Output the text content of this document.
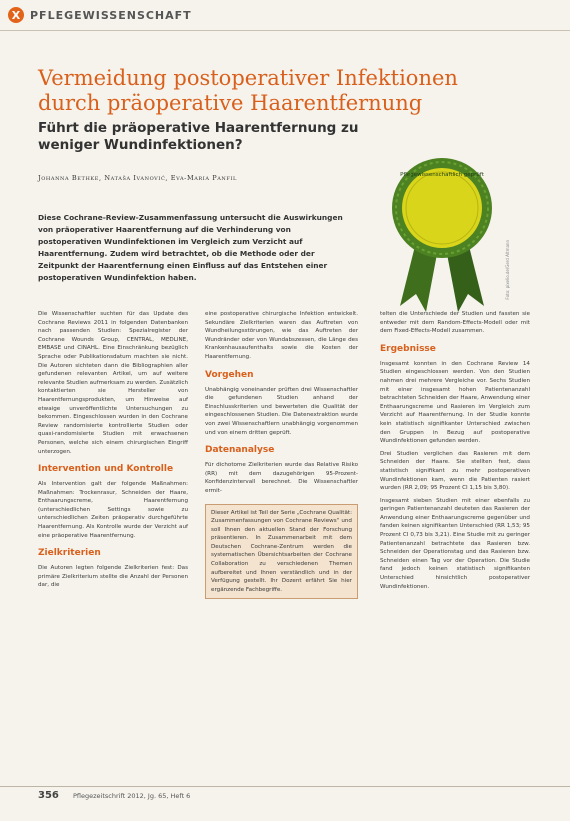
X PFLEGEWISSENSCHAFT
Vermeidung postoperativer Infektionen durch präoperative Haarentfernung
Führt die präoperative Haarentfernung zu weniger Wundinfektionen?
Johanna Bethke, Nataša Ivanović, Eva-Maria Panfil	Pflegewissenschaftlich geprüft
Foto: pixelio.de/Gerd Altmann
Diese Cochrane-Review-Zusammenfassung untersucht die Auswirkungen von präoperativer Haarentfernung auf die Verhinderung von postoperativen Wundinfektionen im Vergleich zum Verzicht auf Haarentfernung. Zudem wird betrachtet, ob die Methode oder der Zeitpunkt der Haarentfernung einen Einfluss auf das Entstehen einer postoperativen Wundinfektion haben.

Die Wissenschaftler suchten für das Update des Cochrane Reviews 2011 in folgenden Datenbanken nach passenden Studien: Spezialregister der Cochrane Wounds Group, CENTRAL, MEDLINE, EMBASE und CINAHL. Eine Einschränkung bezüglich Sprache oder Publikationsdatum machten sie nicht. Die Autoren sichteten dann die Bibliographien aller gefundenen relevanten Artikel, um auf weitere relevante Studien aufmerksam zu werden. Zusätzlich kontaktierten sie Hersteller von Haarentfernungsprodukten, um Hinweise auf etwaige unveröffentlichte Untersuchungen zu bekommen. Eingeschlossen wurden in den Cochrane Review randomisierte kontrollierte Studien oder quasi-randomisierte Studien mit erwachsenen Personen, welche sich einem chirurgischen Eingriff unterzogen.

Intervention und Kontrolle

Als Intervention galt der folgende Maßnahmen: Maßnahmen: Trockenrasur, Schneiden der Haare, Enthaarungscreme, Haarentfernung (unterschiedlichen Settings sowie zu unterschiedlichen Zeiten präoperativ durchgeführte Haarentfernung. Als Kontrolle wurde der Verzicht auf eine präoperative Haarentfernung.

Zielkriterien

Die Autoren legten folgende Zielkriterien fest: Das primäre Zielkriterium stellte die Anzahl der Personen dar, die

eine postoperative chirurgische Infektion entwickelt. Sekundäre Zielkriterien waren das Auftreten von Wundheilungsstörungen, wie das Auftreten der Wundränder oder von Wundabszessen, die Länge des Krankenhausaufenthalts sowie die Kosten der Haarentfernung.

Vorgehen

Unabhängig voneinander prüften drei Wissenschaftler die gefundenen Studien anhand der Einschlusskriterien und bewerteten die Qualität der eingeschlossenen Studien. Die Datenextraktion wurde von zwei Wissenschaftlern unabhängig vorgenommen und von einem dritten geprüft.

Datenanalyse

Für dichotome Zielkriterien wurde das Relative Risiko (RR) mit dem dazugehörigen 95-Prozent-Konfidenzintervall berechnet. Die Wissenschaftler ermit-

Dieser Artikel ist Teil der Serie „Cochrane Qualität: Zusammenfassungen von Cochrane Reviews“ und soll Ihnen den aktuellen Stand der Forschung präsentieren. In Zusammenarbeit mit dem Deutschen Cochrane-Zentrum werden die systematischen Übersichtsarbeiten der Cochrane Collaboration zu verschiedenen Themen aufbereitet und Ihnen verständlich und in der Verfügung gestellt. Ihr Dozent erfährt Sie hier ergänzende Fachbegriffe.

telten die Unterschiede der Studien und fassten sie entweder mit dem Random-Effects-Modell oder mit dem Fixed-Effects-Modell zusammen.

Ergebnisse

Insgesamt konnten in den Cochrane Review 14 Studien eingeschlossen werden. Von den Studien nahmen drei mehrere Vergleiche vor. Sechs Studien mit einer insgesamt hohen Patientenanzahl betrachteten Schneiden der Haare, Anwendung einer Enthaarungscreme und Rasieren im Vergleich zum Verzicht auf Haarentfernung. In der Studie konnte kein statistisch signifikanter Unterschied zwischen den Gruppen in Bezug auf postoperative Wundinfektionen gefunden werden.

Drei Studien verglichen das Rasieren mit dem Schneiden der Haare. Sie stellten fest, dass statistisch signifikant zu mehr postoperativen Wundinfektionen kam, wenn die Patienten rasiert wurden (RR 2,09; 95 Prozent CI 1,15 bis 3,80).

Insgesamt sieben Studien mit einer ebenfalls zu geringen Patientenanzahl deuteten das Rasieren der Anwendung einer Enthaarungscreme gegenüber und fanden keinen signifikanten Unterschied (RR 1,53; 95 Prozent CI 0,73 bis 3,21). Eine Studie mit zu geringer Patientenanzahl betrachtete das Rasieren bzw. Schneiden der Operationstag und das Rasieren bzw. Schneiden einen Tag vor der Operation. Die Studie fand jedoch keinen statistisch signifikanten Unterschied hinsichtlich postoperativer Wundinfektionen.

356 Pflegezeitschrift 2012, Jg. 65, Heft 6
